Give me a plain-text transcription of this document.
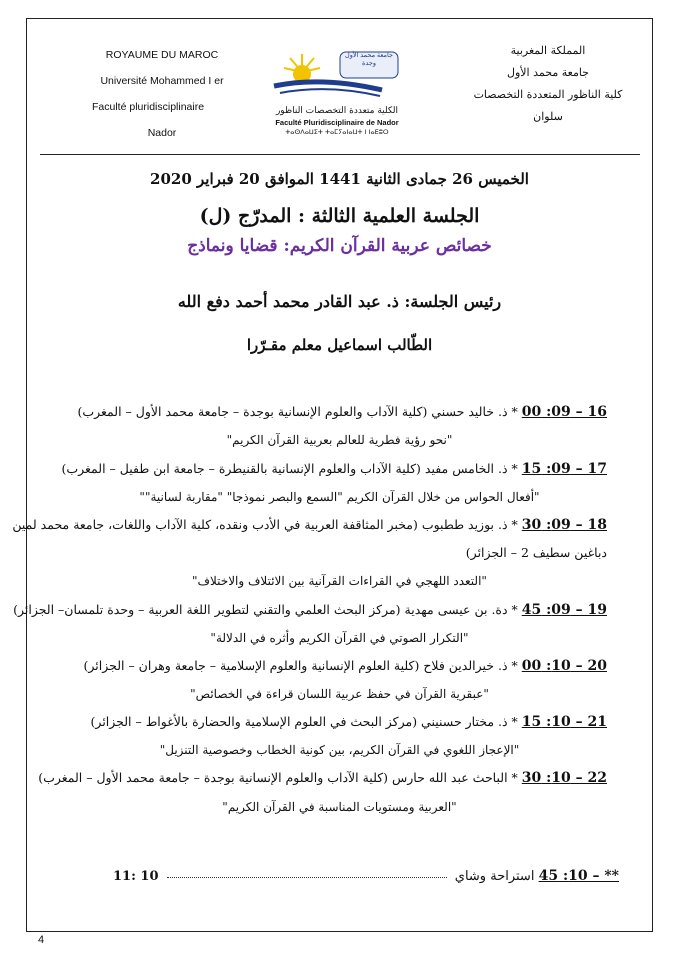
ROYAUME DU MAROC
Université Mohammed I er
Faculté pluridisciplinaire
Nador
المملكة المغربية
جامعة محمد الأول
كلية الناظور المتعددة التخصصات
سلوان
جامعة محمد الأول وجدة
الكلية متعددة التخصصات الناظور
Faculté Pluridisciplinaire de Nador
ⵜⴰⵙⴷⴰⵡⵉⵜ ⵜⴰⵎⵢⴰⵏⴰⵡⵜ ⵏ ⵏⴰⴹⵓⵔ
الخميس 26 جمادى الثانية 1441 الموافق 20 فبراير 2020
الجلسة العلمية الثالثة : المدرّج (ل)
خصائص عربية القرآن الكريم: قضايا ونماذج
رئيس الجلسة: ذ. عبد القادر محمد أحمد دفع الله
الطّالب اسماعيل معلم مقـرّرا
16 – 09: 00 * ذ. خاليد حسني (كلية الآداب والعلوم الإنسانية بوجدة – جامعة محمد الأول – المغرب)
"نحو رؤية فطرية للعالم بعربية القرآن الكريم"
17 – 09: 15 * ذ. الخامس مفيد (كلية الآداب والعلوم الإنسانية بالقنيطرة – جامعة ابن طفيل – المغرب)
"أفعال الحواس من خلال القرآن الكريم "السمع والبصر نموذجا" "مقاربة لسانية""
18 – 09: 30 * ذ. بوزيد ططبوب (مخبر المثاقفة العربية في الأدب ونقده، كلية الآداب واللغات، جامعة محمد لمين
دباغين سطيف 2 – الجزائر)
"التعدد اللهجي في القراءات القرآنية بين الائتلاف والاختلاف"
19 – 09: 45 * دة. بن عيسى مهدية (مركز البحث العلمي والتقني لتطوير اللغة العربية – وحدة تلمسان– الجزائر)
"التكرار الصوتي في القرآن الكريم وأثره في الدلالة"
20 – 10: 00 * ذ. خيرالدين فلاح (كلية العلوم الإنسانية والعلوم الإسلامية – جامعة وهران – الجزائر)
"عبقرية القرآن في حفظ عربية اللسان قراءة في الخصائص"
21 – 10: 15 * ذ. مختار حسنيني (مركز البحث في العلوم الإسلامية والحضارة بالأغواط – الجزائر)
"الإعجاز اللغوي في القرآن الكريم، بين كونية الخطاب وخصوصية التنزيل"
22 – 10: 30 * الباحث عبد الله حارس (كلية الآداب والعلوم الإنسانية بوجدة – جامعة محمد الأول – المغرب)
"العربية ومستويات المناسبة في القرآن الكريم"
** – 10: 45 استراحة وشاي  10 :11
4
